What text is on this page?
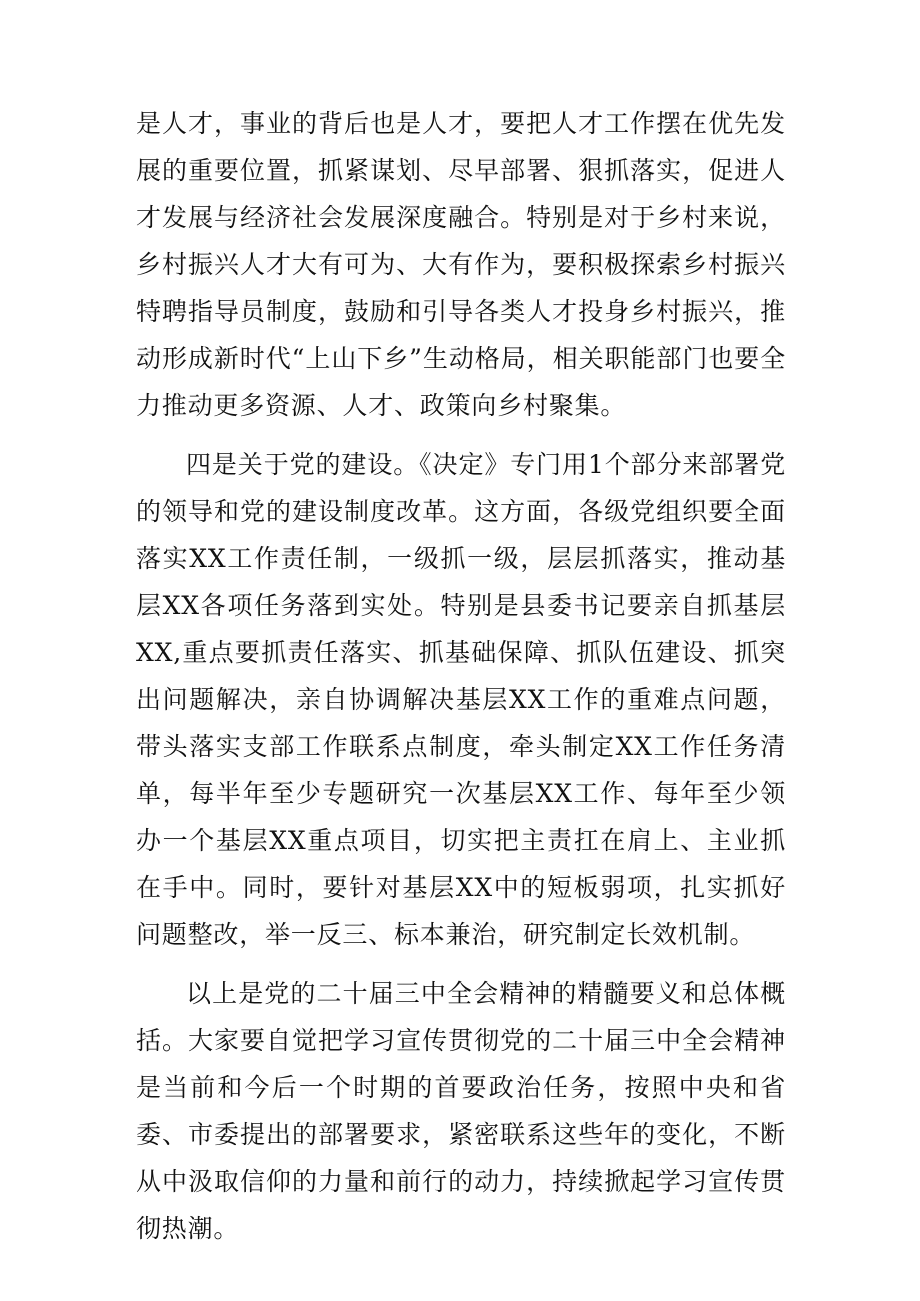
是人才，事业的背后也是人才，要把人才工作摆在优先发展的重要位置，抓紧谋划、尽早部署、狠抓落实，促进人才发展与经济社会发展深度融合。特别是对于乡村来说，乡村振兴人才大有可为、大有作为，要积极探索乡村振兴特聘指导员制度，鼓励和引导各类人才投身乡村振兴，推动形成新时代“上山下乡”生动格局，相关职能部门也要全力推动更多资源、人才、政策向乡村聚集。

四是关于党的建设。《决定》专门用1个部分来部署党的领导和党的建设制度改革。这方面，各级党组织要全面落实XX工作责任制，一级抓一级，层层抓落实，推动基层XX各项任务落到实处。特别是县委书记要亲自抓基层XX,重点要抓责任落实、抓基础保障、抓队伍建设、抓突出问题解决，亲自协调解决基层XX工作的重难点问题，带头落实支部工作联系点制度，牵头制定XX工作任务清单，每半年至少专题研究一次基层XX工作、每年至少领办一个基层XX重点项目，切实把主责扛在肩上、主业抓在手中。同时，要针对基层XX中的短板弱项，扎实抓好问题整改，举一反三、标本兼治，研究制定长效机制。

以上是党的二十届三中全会精神的精髓要义和总体概括。大家要自觉把学习宣传贯彻党的二十届三中全会精神是当前和今后一个时期的首要政治任务，按照中央和省委、市委提出的部署要求，紧密联系这些年的变化，不断从中汲取信仰的力量和前行的动力，持续掀起学习宣传贯彻热潮。
